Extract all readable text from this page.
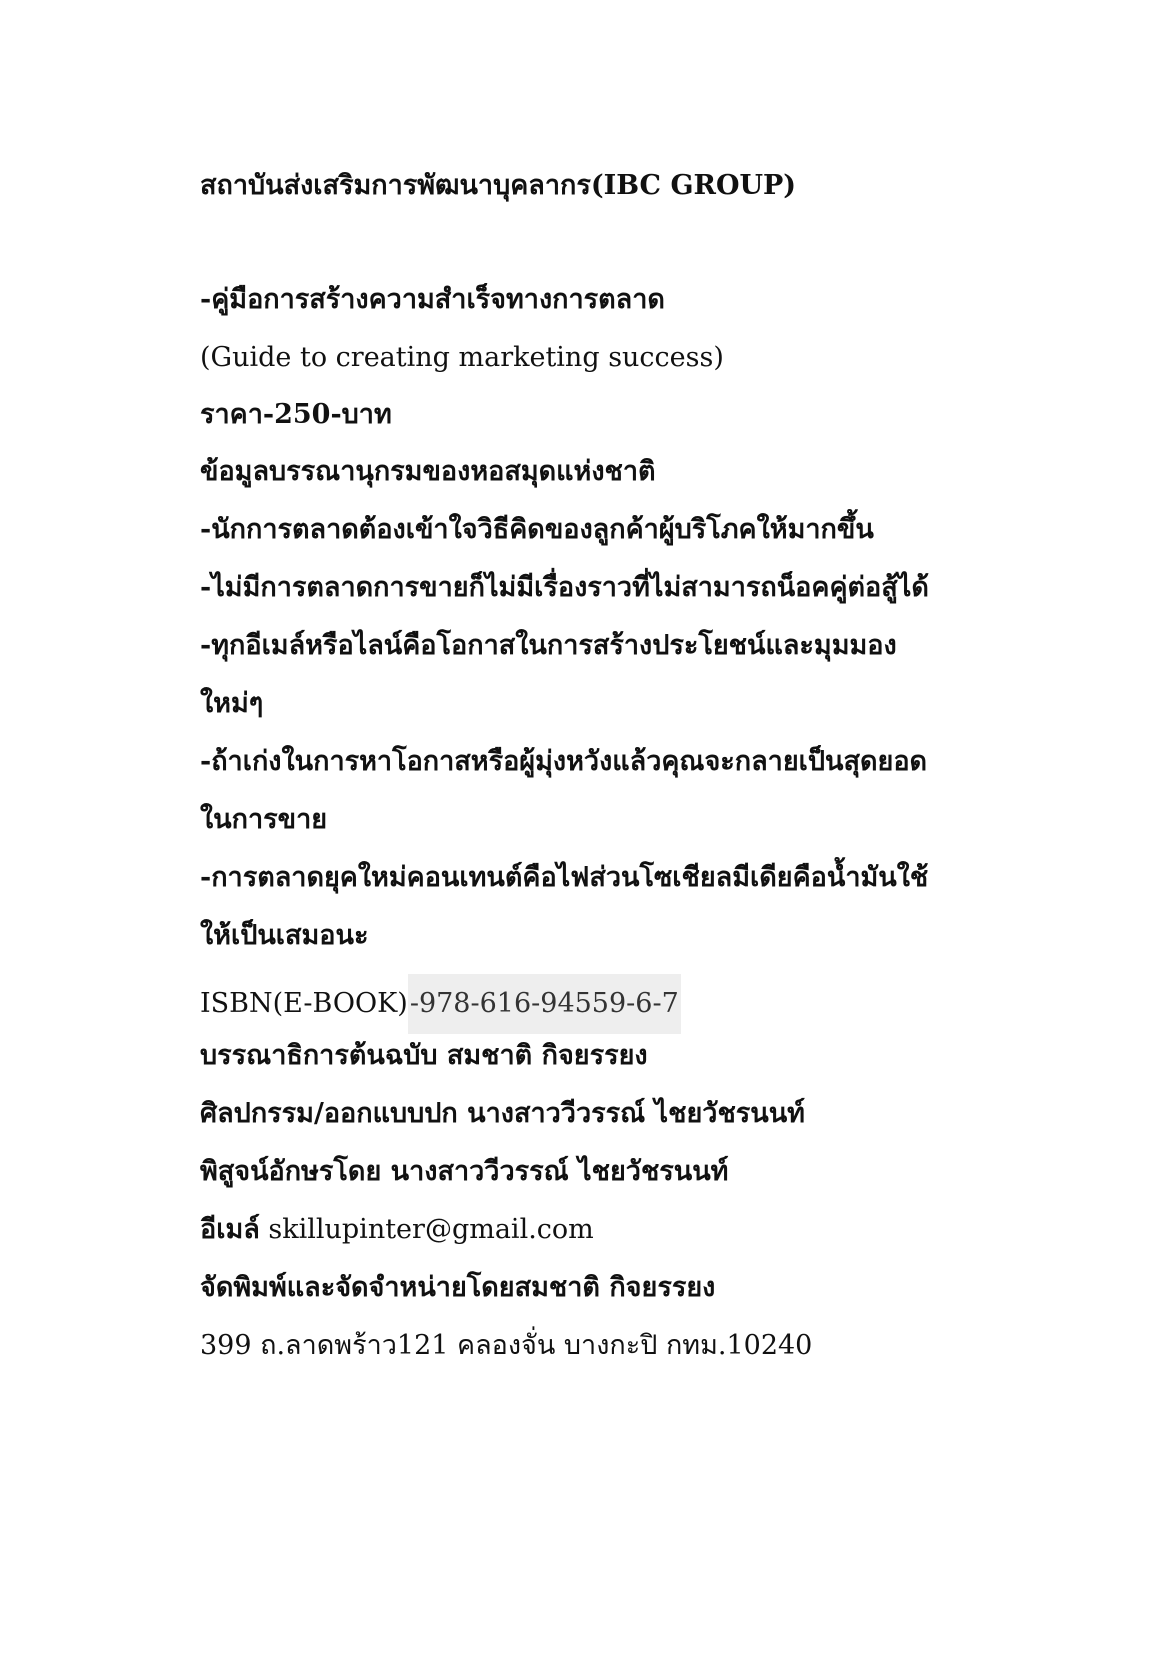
สถาบันส่งเสริมการพัฒนาบุคลากร(IBC GROUP)
-คู่มือการสร้างความสำเร็จทางการตลาด
(Guide to creating marketing success)
ราคา-250-บาท
ข้อมูลบรรณานุกรมของหอสมุดแห่งชาติ
-นักการตลาดต้องเข้าใจวิธีคิดของลูกค้าผู้บริโภคให้มากขึ้น
-ไม่มีการตลาดการขายก็ไม่มีเรื่องราวที่ไม่สามารถน็อคคู่ต่อสู้ได้
-ทุกอีเมล์หรือไลน์คือโอกาสในการสร้างประโยชน์และมุมมอง
ใหม่ๆ
-ถ้าเก่งในการหาโอกาสหรือผู้มุ่งหวังแล้วคุณจะกลายเป็นสุดยอด
ในการขาย
-การตลาดยุคใหม่คอนเทนต์คือไฟส่วนโซเชียลมีเดียคือน้ำมันใช้
ให้เป็นเสมอนะ
ISBN(E-BOOK)-978-616-94559-6-7
บรรณาธิการต้นฉบับ สมชาติ กิจยรรยง
ศิลปกรรม/ออกแบบปก นางสาววีวรรณ์ ไชยวัชรนนท์
พิสูจน์อักษรโดย นางสาววีวรรณ์ ไชยวัชรนนท์
อีเมล์ skillupinter@gmail.com
จัดพิมพ์และจัดจำหน่ายโดยสมชาติ กิจยรรยง
399 ถ.ลาดพร้าว121 คลองจั่น บางกะปิ กทม.10240
